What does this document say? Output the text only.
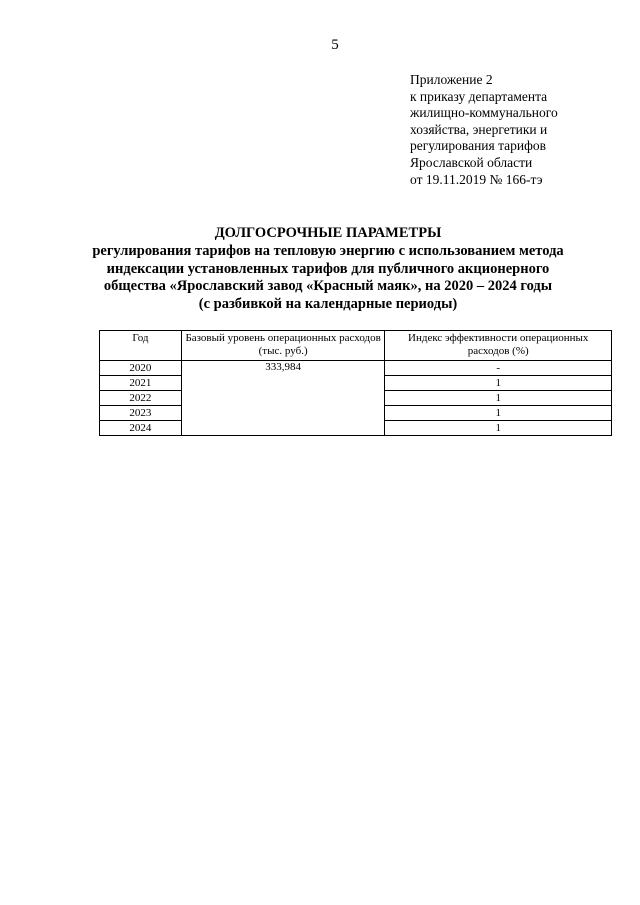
5
Приложение 2
к приказу департамента
жилищно-коммунального
хозяйства, энергетики и
регулирования тарифов
Ярославской области
от 19.11.2019 № 166-тэ
ДОЛГОСРОЧНЫЕ ПАРАМЕТРЫ
регулирования тарифов на тепловую энергию с использованием метода
индексации установленных тарифов для публичного акционерного
общества «Ярославский завод «Красный маяк», на 2020 – 2024 годы
(с разбивкой на календарные периоды)
Год	Базовый уровень операционных расходов (тыс. руб.)	Индекс эффективности операционных расходов (%)
2020	333,984	-
2021		1
2022		1
2023		1
2024		1
